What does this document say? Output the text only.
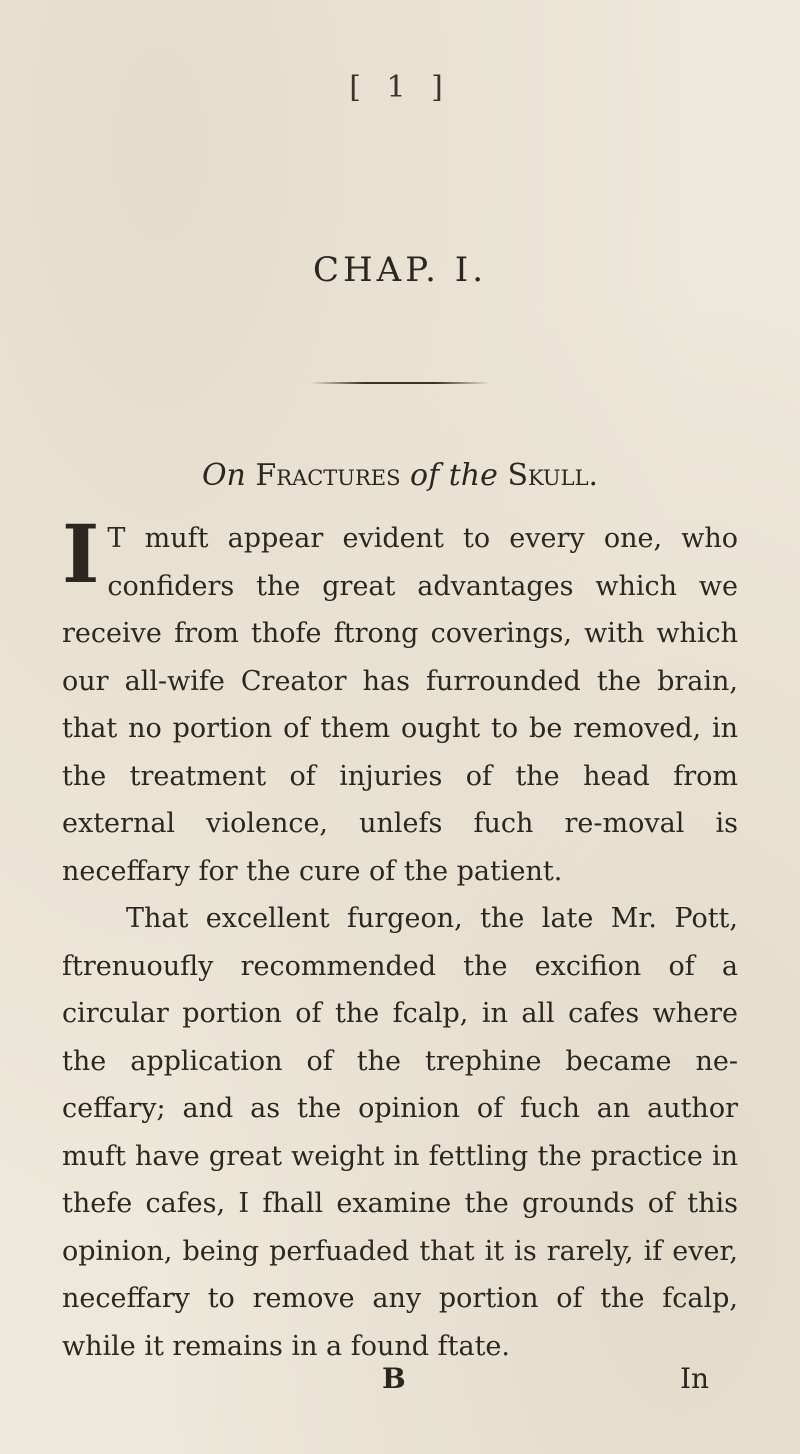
[ 1 ]
CHAP. I.
On Fractures of the Skull.

I T muft appear evident to every one, who confiders the great advantages which we receive from thofe ftrong coverings, with which our all-wife Creator has furrounded the brain, that no portion of them ought to be removed, in the treatment of injuries of the head from external violence, unlefs fuch re-moval is neceffary for the cure of the patient.

That excellent furgeon, the late Mr. Pott, ftrenuoufly recommended the excifion of a circular portion of the fcalp, in all cafes where the application of the trephine became ne-ceffary; and as the opinion of fuch an author muft have great weight in fettling the practice in thefe cafes, I fhall examine the grounds of this opinion, being perfuaded that it is rarely, if ever, neceffary to remove any portion of the fcalp, while it remains in a found ftate.

B	In
